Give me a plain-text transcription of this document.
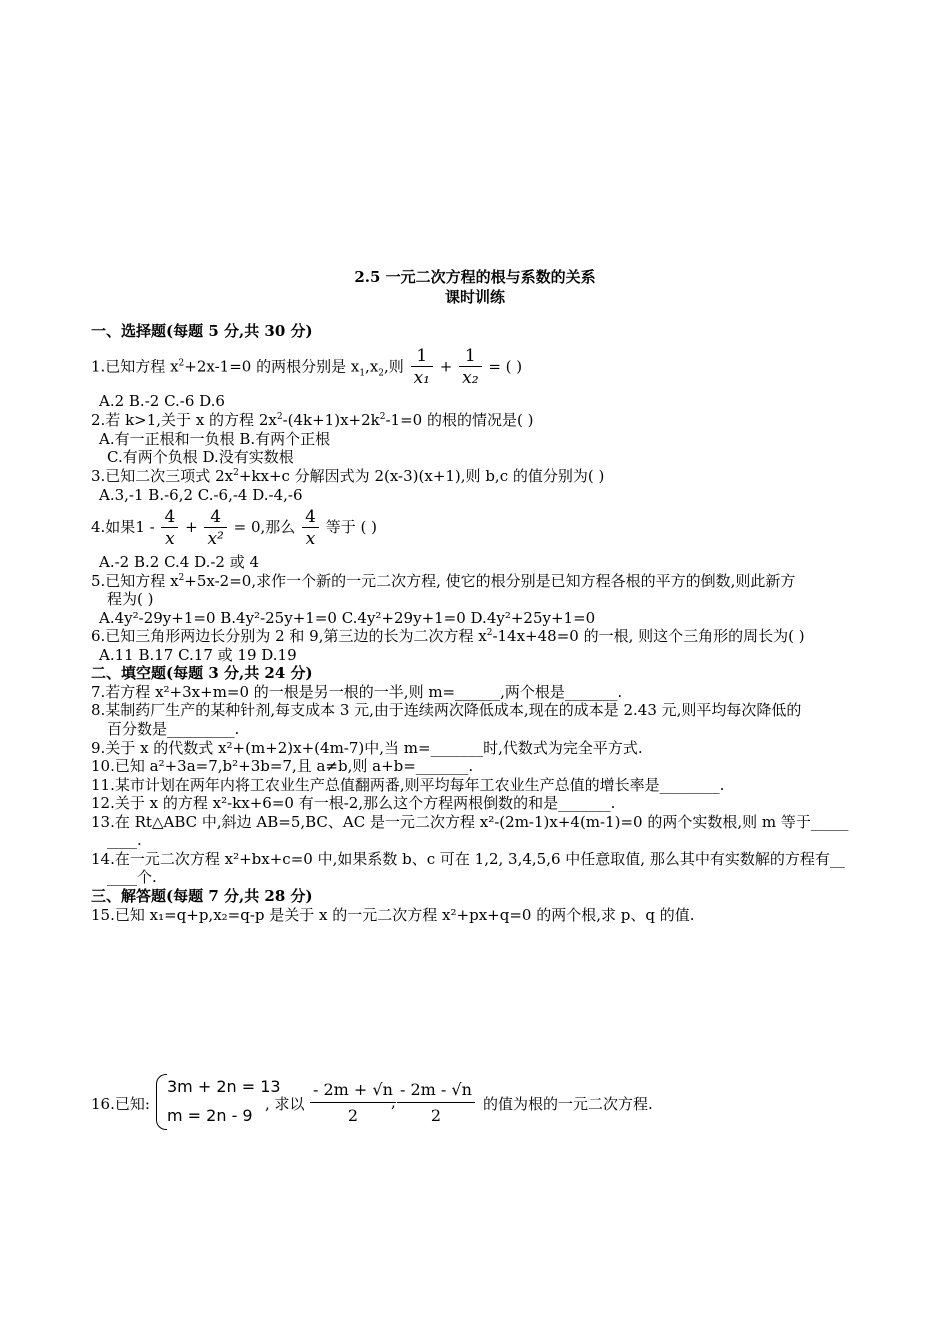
2.5 一元二次方程的根与系数的关系
课时训练
一、选择题(每题 5 分,共 30 分)
1.已知方程 $x^2+2x-1=0$ 的两根分别是 $x_1,x_2$,则 $\frac{1}{\text{x₁}} + \frac{1}{\text{x₂}}$ = ( )
A.2 B.-2 C.-6 D.6
2.若 k>1,关于 x 的方程 $2x^2-(4k+1)x+2k^2-1=0$ 的根的情况是( )
A.有一正根和一负根 B.有两个正根
C.有两个负根 D.没有实数根
3.已知二次三项式 $2x^2+kx+c$ 分解因式为 2(x-3)(x+1),则 b,c 的值分别为( )
A.3,-1 B.-6,2 C.-6,-4 D.-4,-6
4.如果$1 - \frac{4}{x} + \frac{4}{\text{x²}} = 0$,那么 $\frac{4}{x}$ 等于 ( )
A.-2 B.2 C.4 D.-2 或 4
5.已知方程 $x^2+5x-2=0$,求作一个新的一元二次方程, 使它的根分别是已知方程各根的平方的倒数,则此新方
程为( )
A.4y²-29y+1=0 B.4y²-25y+1=0 C.4y²+29y+1=0 D.4y²+25y+1=0
6.已知三角形两边长分别为 2 和 9,第三边的长为二次方程 $x^2-14x+48=0$ 的一根, 则这个三角形的周长为( )
A.11 B.17 C.17 或 19 D.19
二、填空题(每题 3 分,共 24 分)
7.若方程 x²+3x+m=0 的一根是另一根的一半,则 m=______,两个根是_______.
8.某制药厂生产的某种针剂,每支成本 3 元,由于连续两次降低成本,现在的成本是 2.43 元,则平均每次降低的
百分数是_________.
9.关于 x 的代数式 x²+(m+2)x+(4m-7)中,当 m=_______时,代数式为完全平方式.
10.已知 a²+3a=7,b²+3b=7,且 a≠b,则 a+b=_______.
11.某市计划在两年内将工农业生产总值翻两番,则平均每年工农业生产总值的增长率是________.
12.关于 x 的方程 x²-kx+6=0 有一根-2,那么这个方程两根倒数的和是_______.
13.在 Rt△ABC 中,斜边 AB=5,BC、AC 是一元二次方程 x²-(2m-1)x+4(m-1)=0 的两个实数根,则 m 等于_____
____.
14.在一元二次方程 x²+bx+c=0 中,如果系数 b、c 可在 1,2, 3,4,5,6 中任意取值, 那么其中有实数解的方程有__
____个.
三、解答题(每题 7 分,共 28 分)
15.已知 x₁=q+p,x₂=q-p 是关于 x 的一元二次方程 x²+px+q=0 的两个根,求 p、q 的值.
16.已知:
3m + 2n = 13
m = 2n - 9
, 求以 $\frac{- 2m + √n}{2}$
, $\frac{- 2m - √n}{2}$ 的值为根的一元二次方程.
